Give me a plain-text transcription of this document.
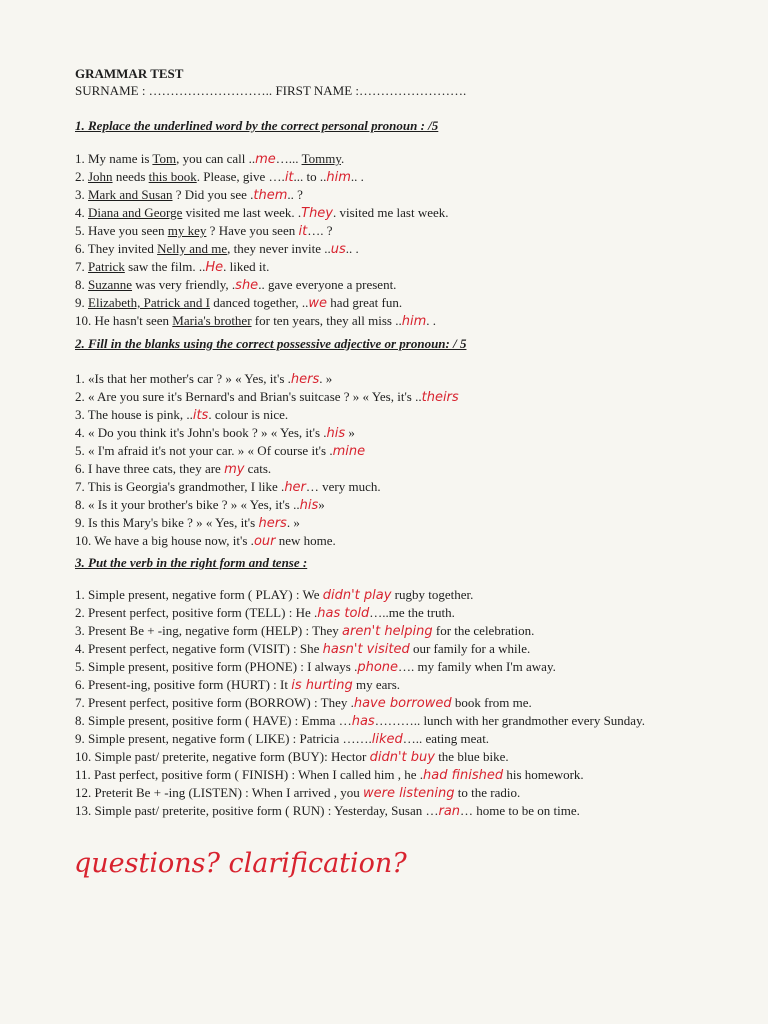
GRAMMAR TEST
SURNAME : ……………………….. FIRST NAME :…………………….
1. Replace the underlined word by the correct personal pronoun : /5
1. My name is Tom, you can call ..me…... Tommy.
2. John needs this book. Please, give ….it... to ..him.. .
3. Mark and Susan ? Did you see .them.. ?
4. Diana and George visited me last week. .They. visited me last week.
5. Have you seen my key ? Have you seen it…. ?
6. They invited Nelly and me, they never invite ..us.. .
7. Patrick saw the film. ..He. liked it.
8. Suzanne was very friendly, .she.. gave everyone a present.
9. Elizabeth, Patrick and I danced together, ..we had great fun.
10. He hasn't seen Maria's brother for ten years, they all miss ..him. .
2. Fill in the blanks using the correct possessive adjective or pronoun: / 5
1. «Is that her mother's car ? » « Yes, it's .hers. »
2. « Are you sure it's Bernard's and Brian's suitcase ? » « Yes, it's ..theirs
3. The house is pink, ..its. colour is nice.
4. « Do you think it's John's book ? » « Yes, it's .his »
5. « I'm afraid it's not your car. » « Of course it's .mine
6. I have three cats, they are my cats.
7. This is Georgia's grandmother, I like .her… very much.
8. « Is it your brother's bike ? » « Yes, it's ..his»
9. Is this Mary's bike ? » « Yes, it's hers. »
10. We have a big house now, it's .our new home.
3. Put the verb in the right form and tense :
1. Simple present, negative form ( PLAY) : We didn't play rugby together.
2. Present perfect, positive form (TELL) : He .has told…..me the truth.
3. Present Be + -ing, negative form (HELP) : They aren't helping for the celebration.
4. Present perfect, negative form (VISIT) : She hasn't visited our family for a while.
5. Simple present, positive form (PHONE) : I always .phone…. my family when I'm away.
6. Present-ing, positive form (HURT) : It is hurting my ears.
7. Present perfect, positive form (BORROW) : They .have borrowed book from me.
8. Simple present, positive form ( HAVE) : Emma …has……….. lunch with her grandmother every Sunday.
9. Simple present, negative form ( LIKE) : Patricia …….liked….. eating meat.
10. Simple past/ preterite, negative form (BUY): Hector didn't buy the blue bike.
11. Past perfect, positive form ( FINISH) : When I called him , he .had finished his homework.
12. Preterit Be + -ing (LISTEN) : When I arrived , you were listening to the radio.
13. Simple past/ preterite, positive form ( RUN) : Yesterday, Susan …ran… home to be on time.
questions? clarification?
